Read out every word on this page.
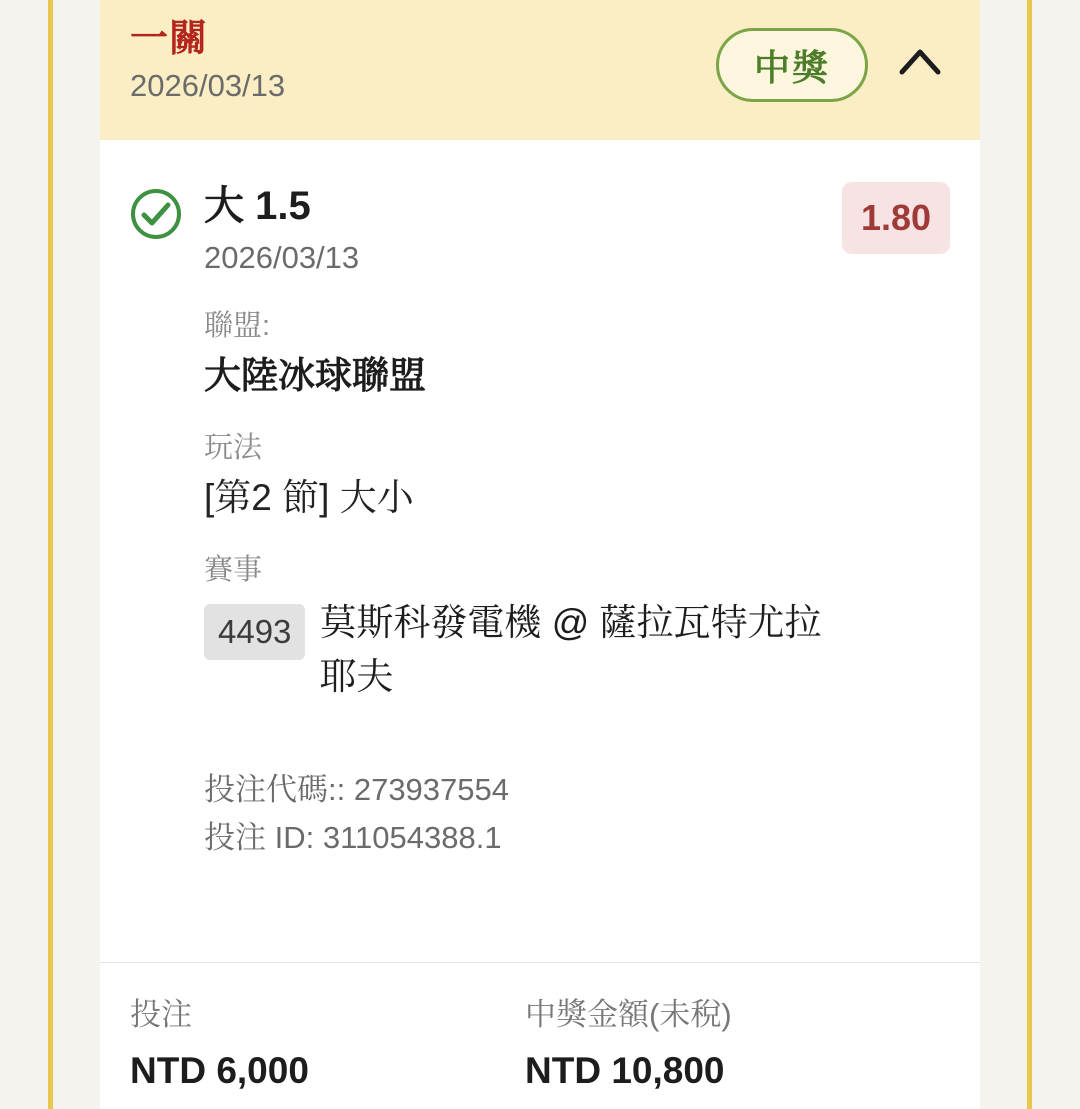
一關
2026/03/13	中獎
大 1.5
2026/03/13
1.80
聯盟:
大陸冰球聯盟
玩法
[第2 節] 大小
賽事
4493 莫斯科發電機 @ 薩拉瓦特尤拉耶夫
投注代碼:: 273937554
投注 ID: 311054388.1
投注
NTD 6,000
中獎金額(未稅)
NTD 10,800
